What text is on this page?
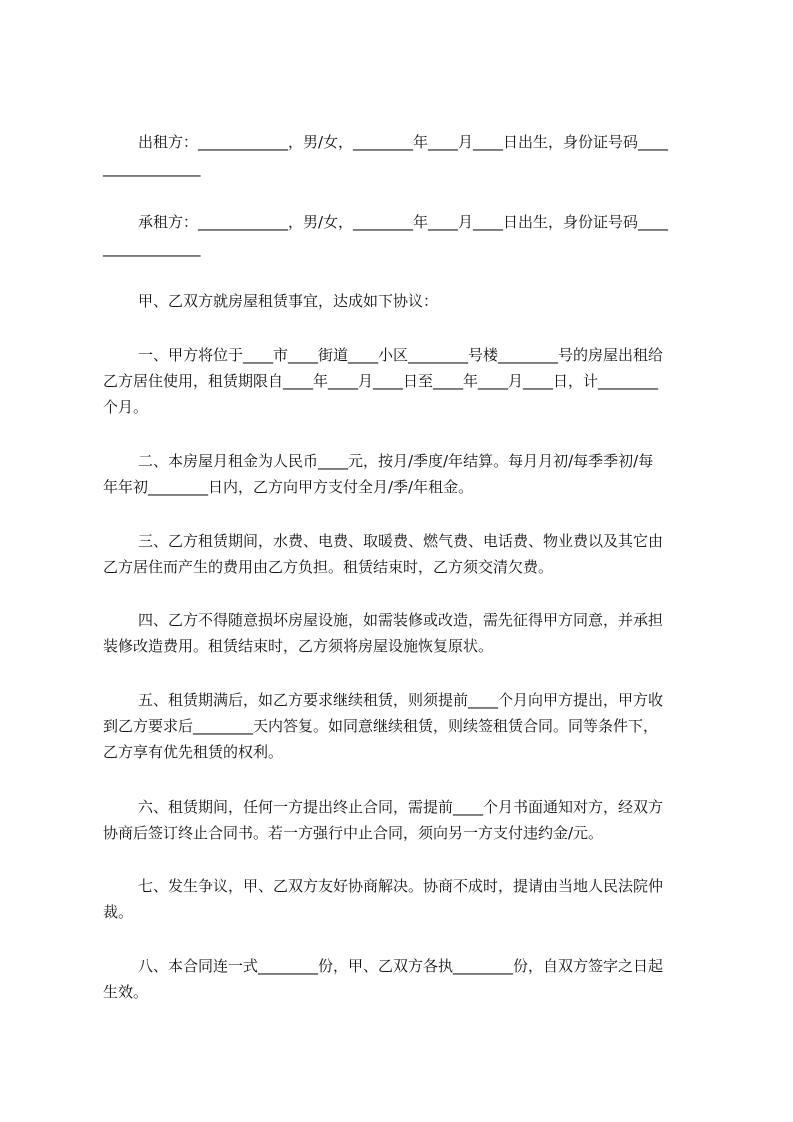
出租方：____________，男/女，________年____月____日出生，身份证号码____
_____________

承租方：____________，男/女，________年____月____日出生，身份证号码____
_____________

甲、乙双方就房屋租赁事宜，达成如下协议：

一、甲方将位于____市____街道____小区________号楼________号的房屋出租给
乙方居住使用，租赁期限自____年____月____日至____年____月____日，计________
个月。

二、本房屋月租金为人民币____元，按月/季度/年结算。每月月初/每季季初/每
年年初________日内，乙方向甲方支付全月/季/年租金。

三、乙方租赁期间，水费、电费、取暖费、燃气费、电话费、物业费以及其它由
乙方居住而产生的费用由乙方负担。租赁结束时，乙方须交清欠费。

四、乙方不得随意损坏房屋设施，如需装修或改造，需先征得甲方同意，并承担
装修改造费用。租赁结束时，乙方须将房屋设施恢复原状。

五、租赁期满后，如乙方要求继续租赁，则须提前____个月向甲方提出，甲方收
到乙方要求后________天内答复。如同意继续租赁，则续签租赁合同。同等条件下，
乙方享有优先租赁的权利。

六、租赁期间，任何一方提出终止合同，需提前____个月书面通知对方，经双方
协商后签订终止合同书。若一方强行中止合同，须向另一方支付违约金/元。

七、发生争议，甲、乙双方友好协商解决。协商不成时，提请由当地人民法院仲
裁。

八、本合同连一式________份，甲、乙双方各执________份，自双方签字之日起
生效。
